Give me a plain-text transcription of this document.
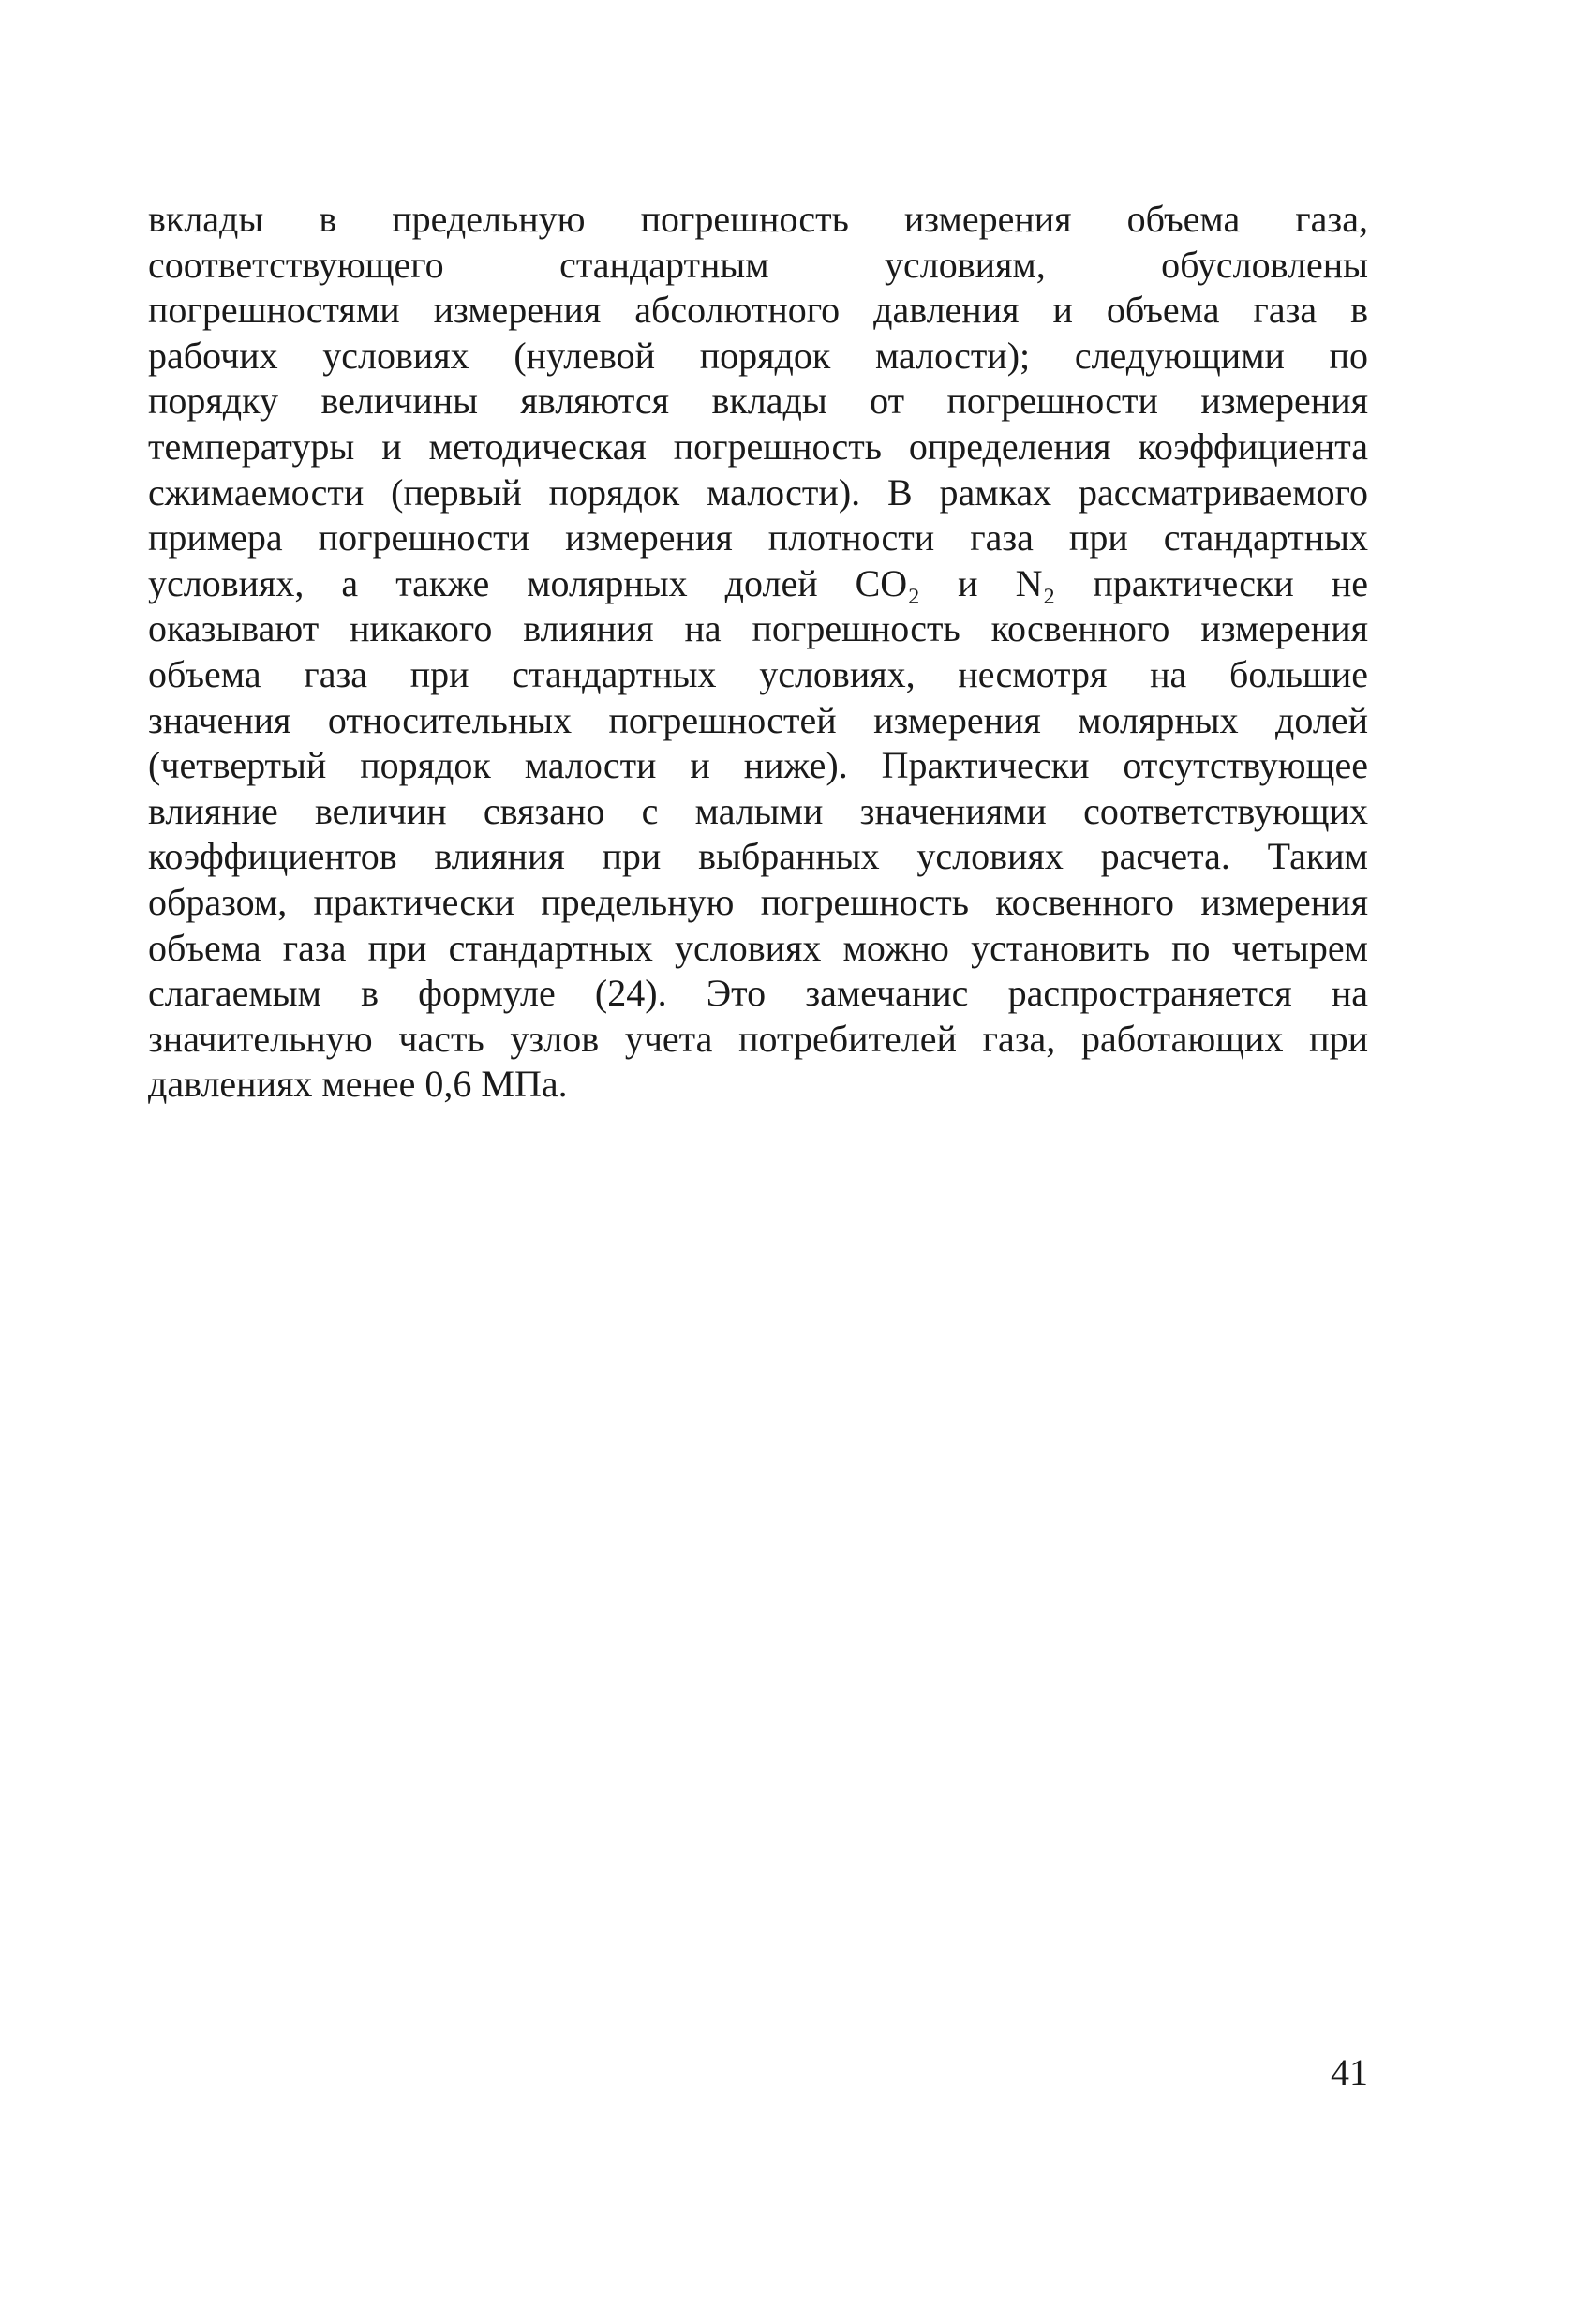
вклады в предельную погрешность измерения объема газа,
соответствующего стандартным условиям, обусловлены
погрешностями измерения абсолютного давления и объема газа в
рабочих условиях (нулевой порядок малости); следующими по
порядку величины являются вклады от погрешности измерения
температуры и методическая погрешность определения коэффициента
сжимаемости (первый порядок малости). В рамках рассматриваемого
примера погрешности измерения плотности газа при стандартных
условиях, а также молярных долей CO₂ и N₂ практически не
оказывают никакого влияния на погрешность косвенного измерения
объема газа при стандартных условиях, несмотря на большие
значения относительных погрешностей измерения молярных долей
(четвертый порядок малости и ниже). Практически отсутствующее
влияние величин связано с малыми значениями соответствующих
коэффициентов влияния при выбранных условиях расчета. Таким
образом, практически предельную погрешность косвенного измерения
объема газа при стандартных условиях можно установить по четырем
слагаемым в формуле (24). Это замечанис распространяется на
значительную часть узлов учета потребителей газа, работающих при
давлениях менее 0,6 МПа.
41
